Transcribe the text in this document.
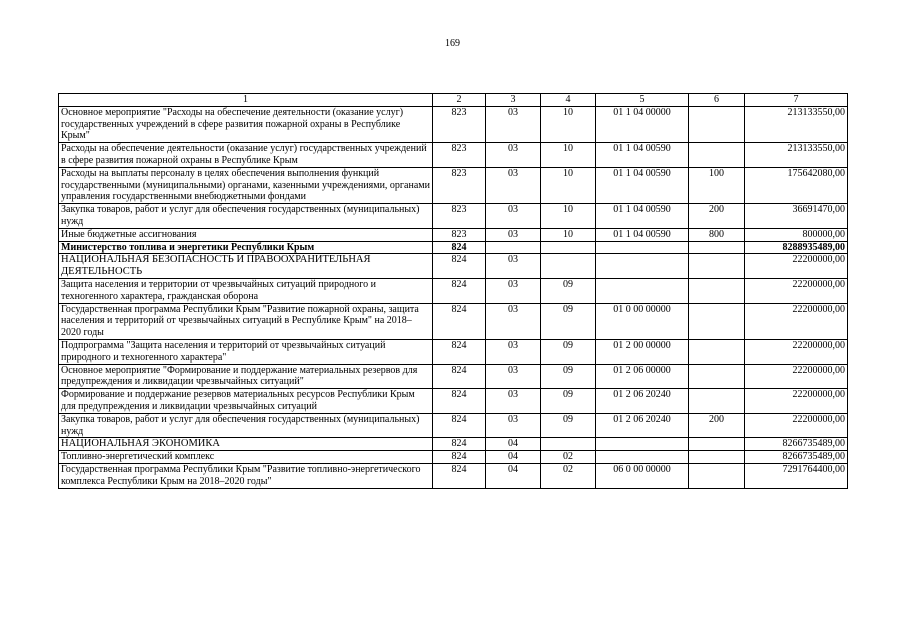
169
1	2	3	4	5	6	7
Основное мероприятие "Расходы на обеспечение деятельности (оказание услуг) государственных учреждений в сфере развития пожарной охраны в Республике Крым"	823	03	10	01 1 04 00000		213133550,00
Расходы на обеспечение деятельности (оказание услуг) государственных учреждений в сфере развития пожарной охраны в Республике Крым	823	03	10	01 1 04 00590		213133550,00
Расходы на выплаты персоналу в целях обеспечения выполнения функций государственными (муниципальными) органами, казенными учреждениями, органами управления государственными внебюджетными фондами	823	03	10	01 1 04 00590	100	175642080,00
Закупка товаров, работ и услуг для обеспечения государственных (муниципальных) нужд	823	03	10	01 1 04 00590	200	36691470,00
Иные бюджетные ассигнования	823	03	10	01 1 04 00590	800	800000,00
Министерство топлива и энергетики Республики Крым	824					8288935489,00
НАЦИОНАЛЬНАЯ БЕЗОПАСНОСТЬ И ПРАВООХРАНИТЕЛЬНАЯ ДЕЯТЕЛЬНОСТЬ	824	03				22200000,00
Защита населения и территории от чрезвычайных ситуаций природного и техногенного характера, гражданская оборона	824	03	09			22200000,00
Государственная программа Республики Крым "Развитие пожарной охраны, защита населения и территорий от чрезвычайных ситуаций в Республике Крым" на 2018–2020 годы	824	03	09	01 0 00 00000		22200000,00
Подпрограмма "Защита населения и территорий от чрезвычайных ситуаций природного и техногенного характера"	824	03	09	01 2 00 00000		22200000,00
Основное мероприятие "Формирование и поддержание материальных резервов для предупреждения и ликвидации чрезвычайных ситуаций"	824	03	09	01 2 06 00000		22200000,00
Формирование и поддержание резервов материальных ресурсов Республики Крым для предупреждения и ликвидации чрезвычайных ситуаций	824	03	09	01 2 06 20240		22200000,00
Закупка товаров, работ и услуг для обеспечения государственных (муниципальных) нужд	824	03	09	01 2 06 20240	200	22200000,00
НАЦИОНАЛЬНАЯ ЭКОНОМИКА	824	04				8266735489,00
Топливно-энергетический комплекс	824	04	02			8266735489,00
Государственная программа Республики Крым "Развитие топливно-энергетического комплекса Республики Крым на 2018–2020 годы"	824	04	02	06 0 00 00000		7291764400,00
